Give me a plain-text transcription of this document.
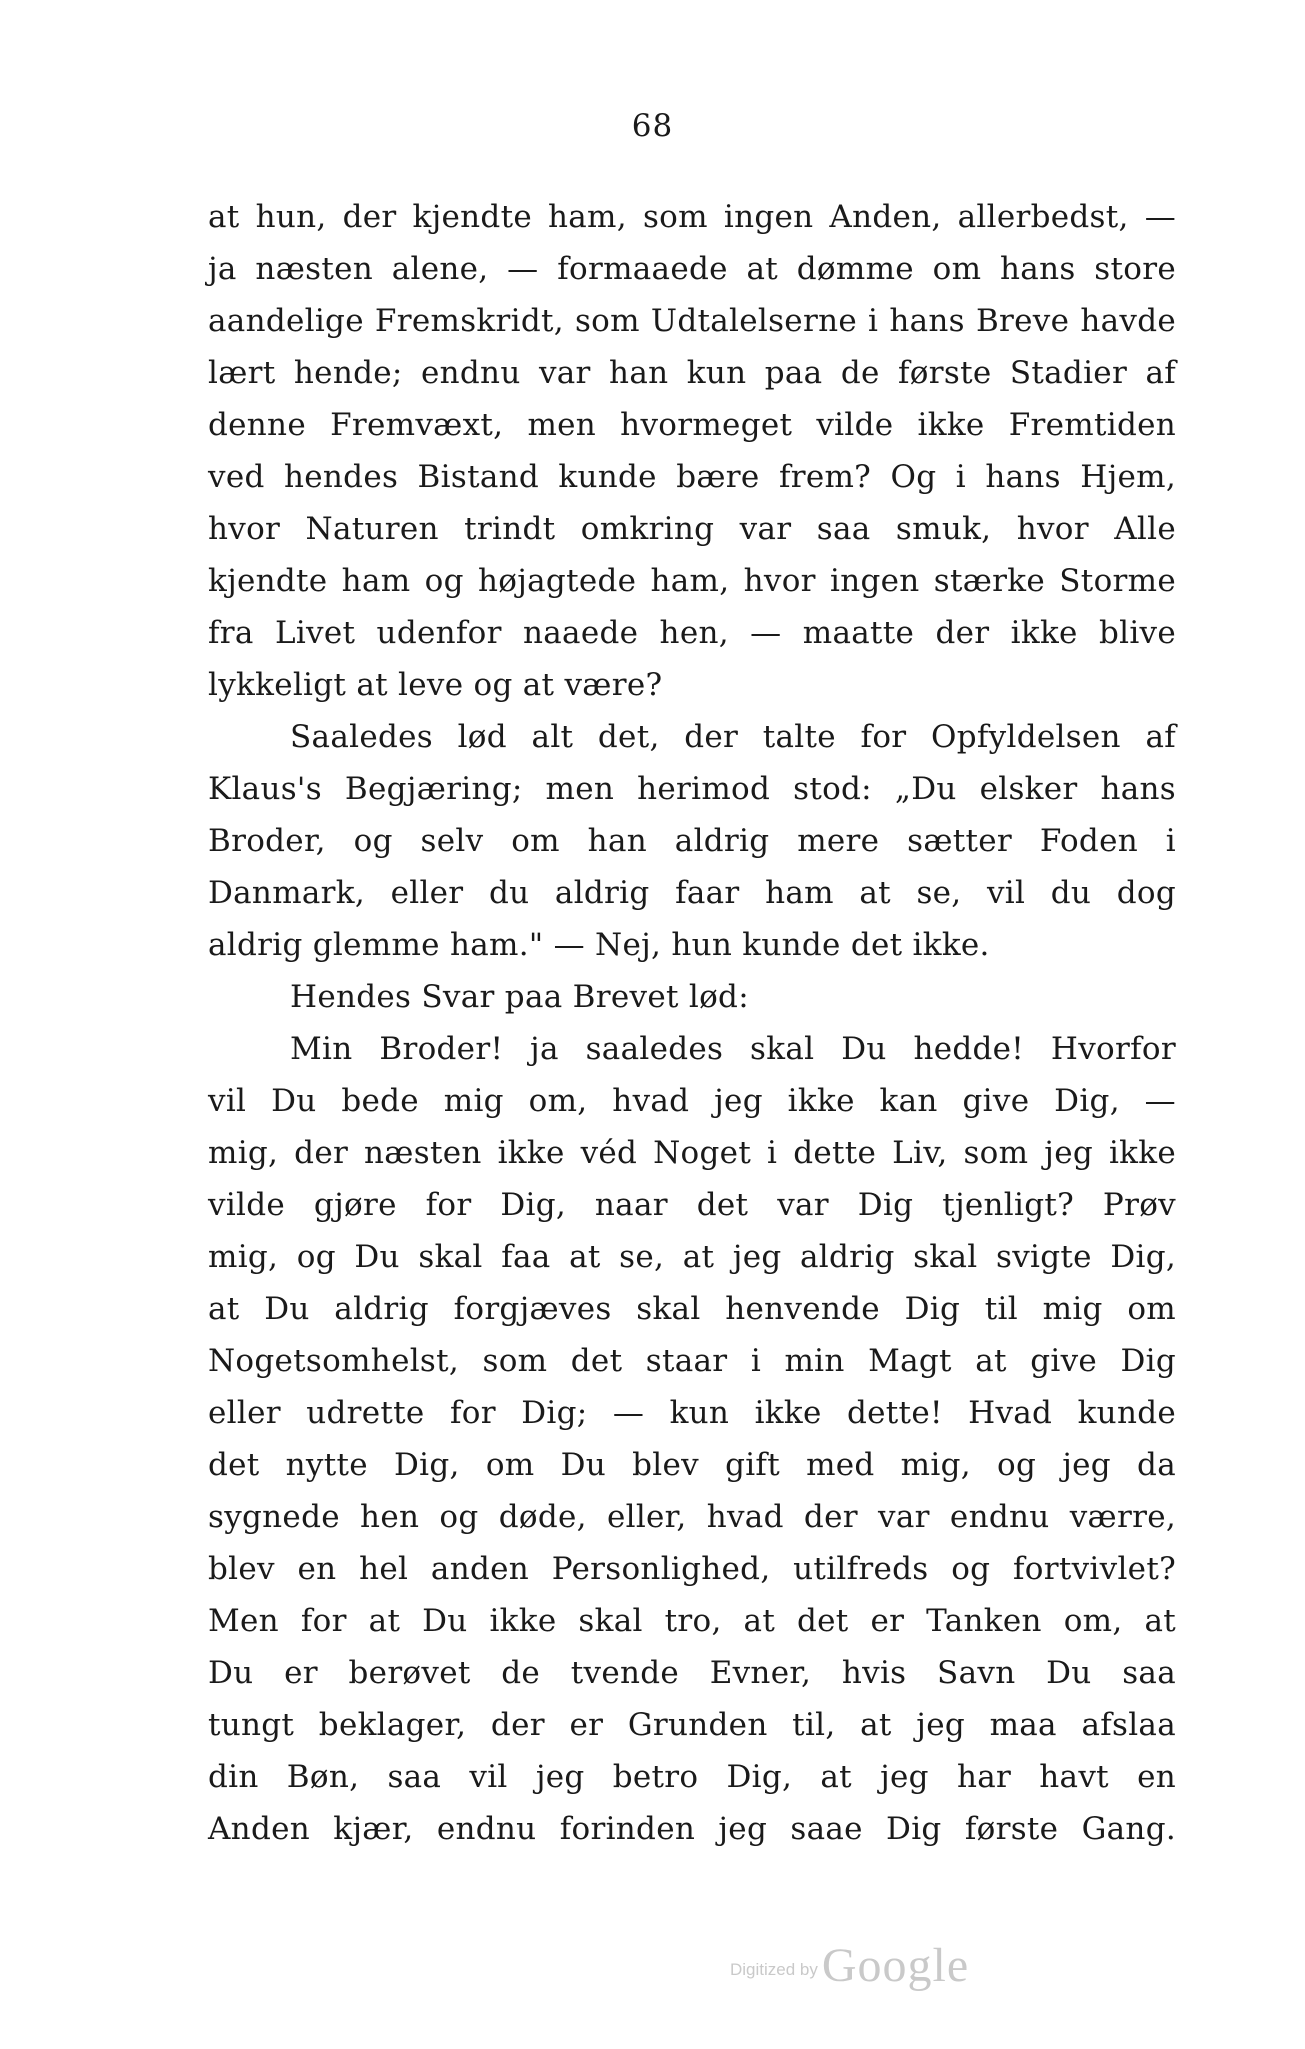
68
at hun, der kjendte ham, som ingen Anden, allerbedst, —
ja næsten alene, — formaaede at dømme om hans store
aandelige Fremskridt, som Udtalelserne i hans Breve havde
lært hende; endnu var han kun paa de første Stadier af
denne Fremvæxt, men hvormeget vilde ikke Fremtiden
ved hendes Bistand kunde bære frem? Og i hans Hjem,
hvor Naturen trindt omkring var saa smuk, hvor Alle
kjendte ham og højagtede ham, hvor ingen stærke Storme
fra Livet udenfor naaede hen, — maatte der ikke blive
lykkeligt at leve og at være?
Saaledes lød alt det, der talte for Opfyldelsen af
Klaus's Begjæring; men herimod stod: „Du elsker hans
Broder, og selv om han aldrig mere sætter Foden i
Danmark, eller du aldrig faar ham at se, vil du dog
aldrig glemme ham." — Nej, hun kunde det ikke.
Hendes Svar paa Brevet lød:
Min Broder! ja saaledes skal Du hedde! Hvorfor
vil Du bede mig om, hvad jeg ikke kan give Dig, —
mig, der næsten ikke véd Noget i dette Liv, som jeg ikke
vilde gjøre for Dig, naar det var Dig tjenligt? Prøv
mig, og Du skal faa at se, at jeg aldrig skal svigte Dig,
at Du aldrig forgjæves skal henvende Dig til mig om
Nogetsomhelst, som det staar i min Magt at give Dig
eller udrette for Dig; — kun ikke dette! Hvad kunde
det nytte Dig, om Du blev gift med mig, og jeg da
sygnede hen og døde, eller, hvad der var endnu værre,
blev en hel anden Personlighed, utilfreds og fortvivlet?
Men for at Du ikke skal tro, at det er Tanken om, at
Du er berøvet de tvende Evner, hvis Savn Du saa
tungt beklager, der er Grunden til, at jeg maa afslaa
din Bøn, saa vil jeg betro Dig, at jeg har havt en
Anden kjær, endnu forinden jeg saae Dig første Gang.
Digitized byGoogle
